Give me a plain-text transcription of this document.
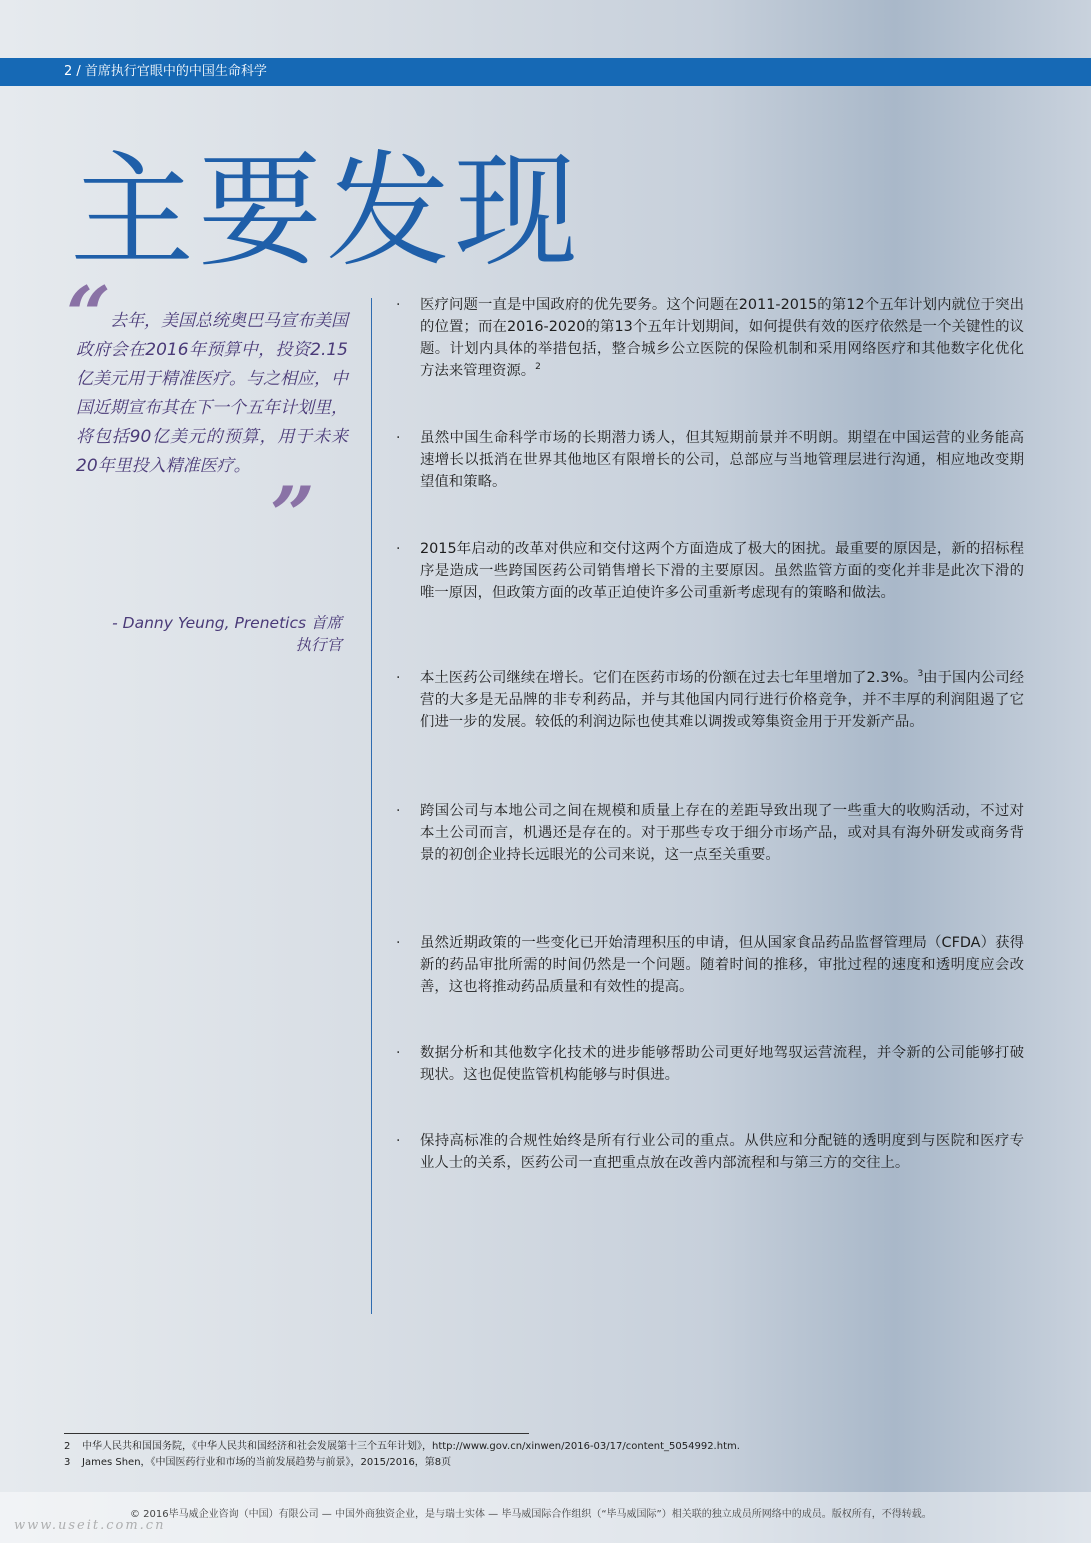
2 / 首席执行官眼中的中国生命科学
主要发现
“ 去年，美国总统奥巴马宣布美国政府会在2016年预算中，投资2.15亿美元用于精准医疗。与之相应，中国近期宣布其在下一个五年计划里，将包括90亿美元的预算，用于未来20年里投入精准医疗。
”
- Danny Yeung, Prenetics 首席
执行官
· 医疗问题一直是中国政府的优先要务。这个问题在2011-2015的第12个五年计划内就位于突出的位置；而在2016-2020的第13个五年计划期间，如何提供有效的医疗依然是一个关键性的议题。计划内具体的举措包括，整合城乡公立医院的保险机制和采用网络医疗和其他数字化优化方法来管理资源。$^2$
· 虽然中国生命科学市场的长期潜力诱人，但其短期前景并不明朗。期望在中国运营的业务能高速增长以抵消在世界其他地区有限增长的公司，总部应与当地管理层进行沟通，相应地改变期望值和策略。
· 2015年启动的改革对供应和交付这两个方面造成了极大的困扰。最重要的原因是，新的招标程序是造成一些跨国医药公司销售增长下滑的主要原因。虽然监管方面的变化并非是此次下滑的唯一原因，但政策方面的改革正迫使许多公司重新考虑现有的策略和做法。
· 本土医药公司继续在增长。它们在医药市场的份额在过去七年里增加了2.3%。$^3$由于国内公司经营的大多是无品牌的非专利药品，并与其他国内同行进行价格竞争，并不丰厚的利润阻遏了它们进一步的发展。较低的利润边际也使其难以调拨或筹集资金用于开发新产品。
· 跨国公司与本地公司之间在规模和质量上存在的差距导致出现了一些重大的收购活动，不过对本土公司而言，机遇还是存在的。对于那些专攻于细分市场产品，或对具有海外研发或商务背景的初创企业持长远眼光的公司来说，这一点至关重要。
· 虽然近期政策的一些变化已开始清理积压的申请，但从国家食品药品监督管理局（CFDA）获得新的药品审批所需的时间仍然是一个问题。随着时间的推移，审批过程的速度和透明度应会改善，这也将推动药品质量和有效性的提高。
· 数据分析和其他数字化技术的进步能够帮助公司更好地驾驭运营流程，并令新的公司能够打破现状。这也促使监管机构能够与时俱进。
· 保持高标准的合规性始终是所有行业公司的重点。从供应和分配链的透明度到与医院和医疗专业人士的关系，医药公司一直把重点放在改善内部流程和与第三方的交往上。
2 中华人民共和国国务院，《中华人民共和国经济和社会发展第十三个五年计划》，http://www.gov.cn/xinwen/2016-03/17/content_5054992.htm.
3 James Shen，《中国医药行业和市场的当前发展趋势与前景》，2015/2016，第8页
© 2016毕马威企业咨询（中国）有限公司 — 中国外商独资企业，是与瑞士实体 — 毕马威国际合作组织（“毕马威国际”）相关联的独立成员所网络中的成员。版权所有，不得转载。
www.useit.com.cn
